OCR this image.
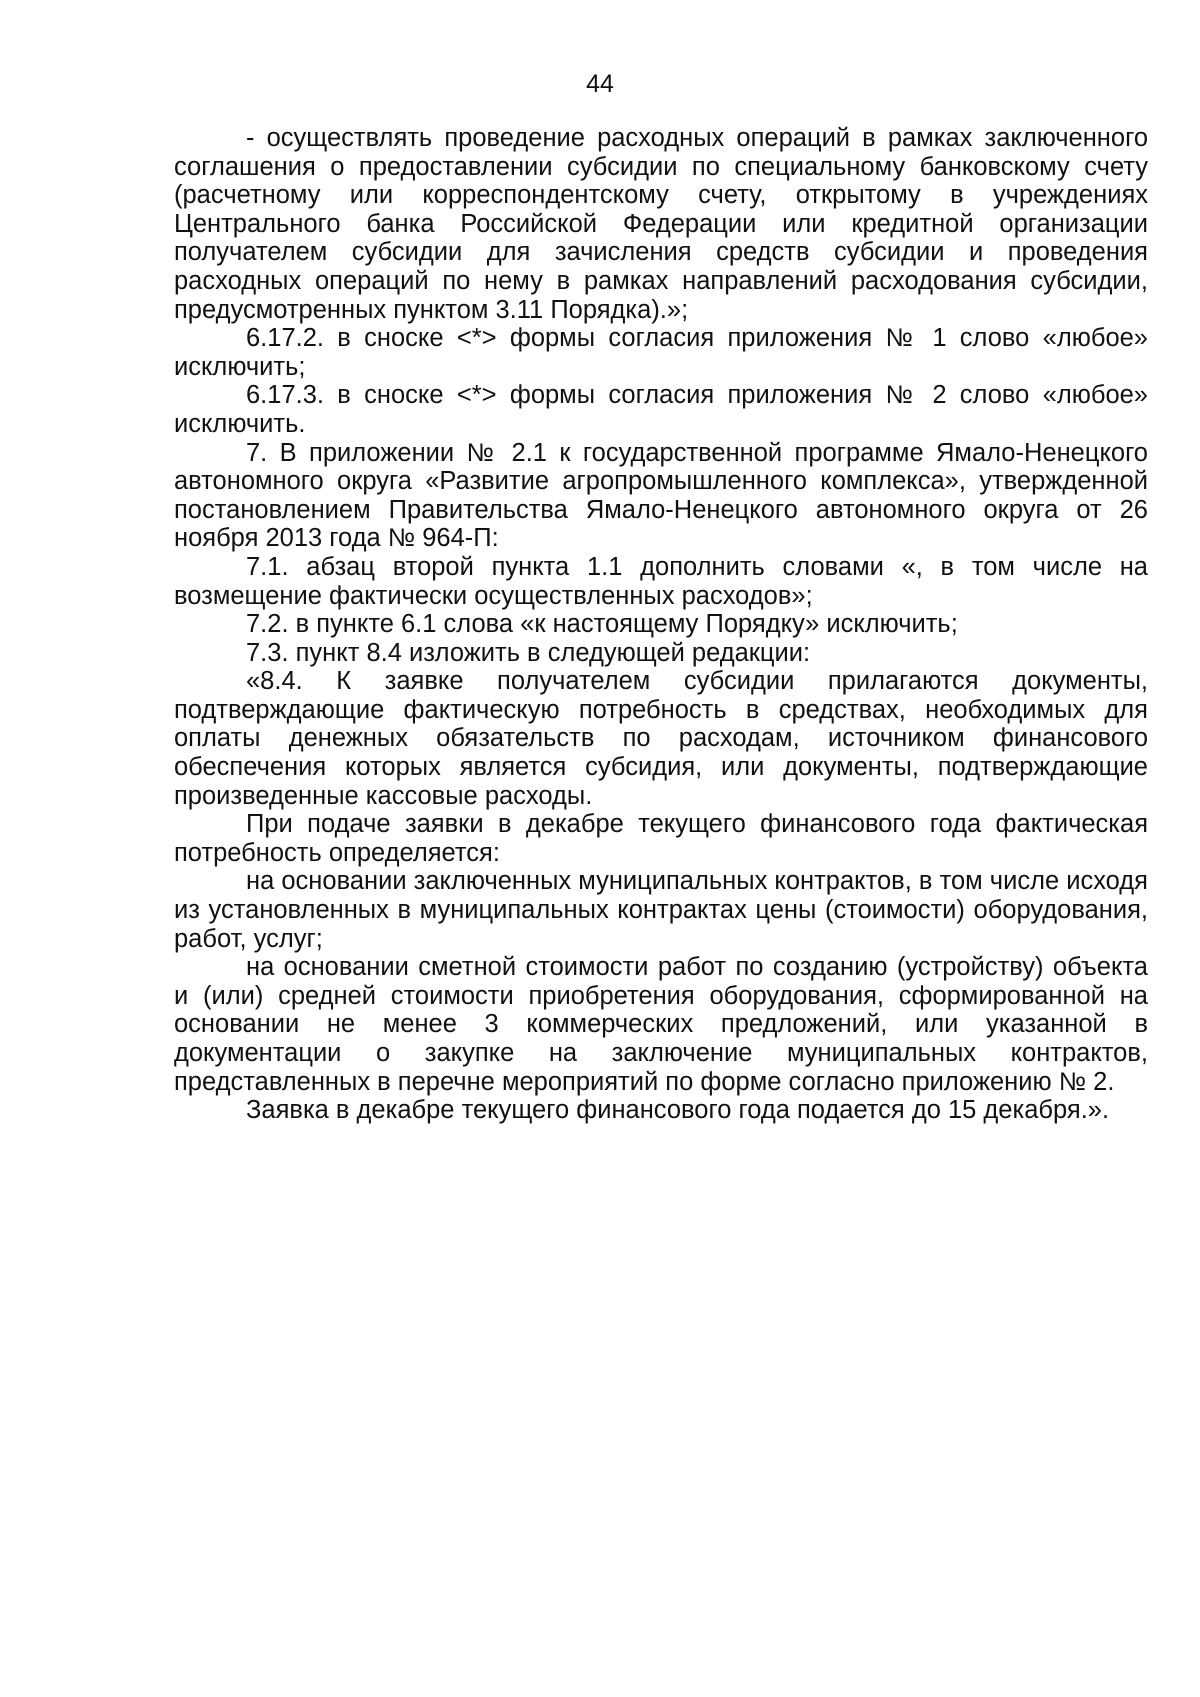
44

- осуществлять проведение расходных операций в рамках заключенного соглашения о предоставлении субсидии по специальному банковскому счету (расчетному или корреспондентскому счету, открытому в учреждениях Центрального банка Российской Федерации или кредитной организации получателем субсидии для зачисления средств субсидии и проведения расходных операций по нему в рамках направлений расходования субсидии, предусмотренных пунктом 3.11 Порядка).»;

6.17.2. в сноске <*> формы согласия приложения № 1 слово «любое» исключить;

6.17.3. в сноске <*> формы согласия приложения № 2 слово «любое» исключить.

7. В приложении № 2.1 к государственной программе Ямало-Ненецкого автономного округа «Развитие агропромышленного комплекса», утвержденной постановлением Правительства Ямало-Ненецкого автономного округа от 26 ноября 2013 года № 964-П:

7.1. абзац второй пункта 1.1 дополнить словами «, в том числе на возмещение фактически осуществленных расходов»;

7.2. в пункте 6.1 слова «к настоящему Порядку» исключить;

7.3. пункт 8.4 изложить в следующей редакции:

«8.4. К заявке получателем субсидии прилагаются документы, подтверждающие фактическую потребность в средствах, необходимых для оплаты денежных обязательств по расходам, источником финансового обеспечения которых является субсидия, или документы, подтверждающие произведенные кассовые расходы.

При подаче заявки в декабре текущего финансового года фактическая потребность определяется:

на основании заключенных муниципальных контрактов, в том числе исходя из установленных в муниципальных контрактах цены (стоимости) оборудования, работ, услуг;

на основании сметной стоимости работ по созданию (устройству) объекта и (или) средней стоимости приобретения оборудования, сформированной на основании не менее 3 коммерческих предложений, или указанной в документации о закупке на заключение муниципальных контрактов, представленных в перечне мероприятий по форме согласно приложению № 2.

Заявка в декабре текущего финансового года подается до 15 декабря.».
